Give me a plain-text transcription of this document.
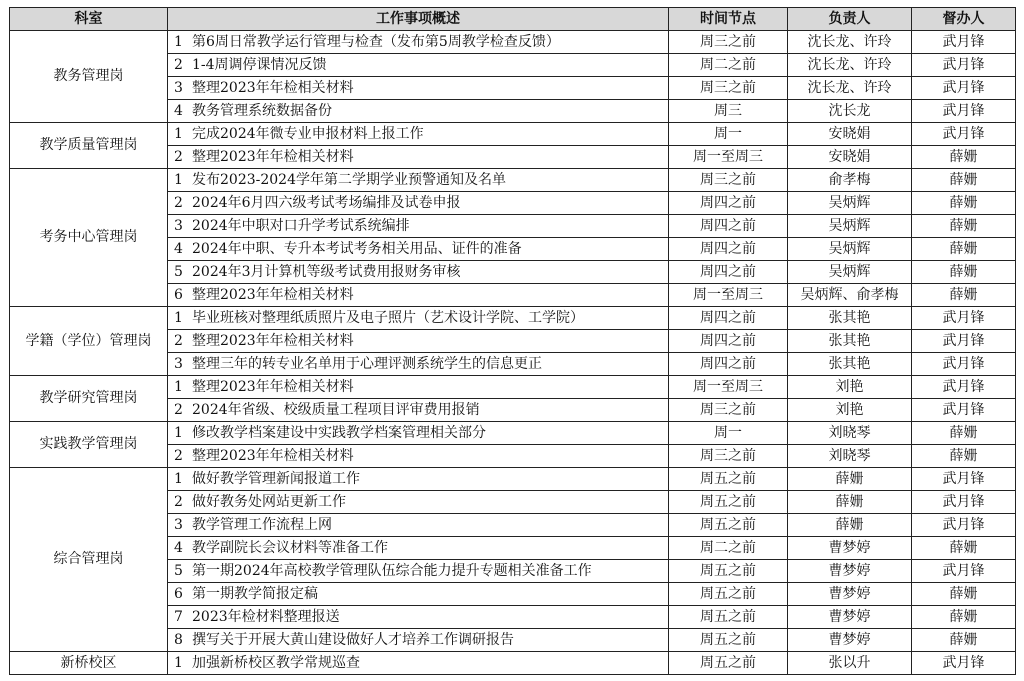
科室	工作事项概述	时间节点	负责人	督办人
教务管理岗	1 第6周日常教学运行管理与检查（发布第5周教学检查反馈）	周三之前	沈长龙、许玲	武月锋
	2 1-4周调停课情况反馈	周二之前	沈长龙、许玲	武月锋
	3 整理2023年年检相关材料	周三之前	沈长龙、许玲	武月锋
	4 教务管理系统数据备份	周三	沈长龙	武月锋
教学质量管理岗	1 完成2024年微专业申报材料上报工作	周一	安晓娟	武月锋
	2 整理2023年年检相关材料	周一至周三	安晓娟	薛姗
考务中心管理岗	1 发布2023-2024学年第二学期学业预警通知及名单	周三之前	俞孝梅	薛姗
	2 2024年6月四六级考试考场编排及试卷申报	周四之前	吴炳辉	薛姗
	3 2024年中职对口升学考试系统编排	周四之前	吴炳辉	薛姗
	4 2024年中职、专升本考试考务相关用品、证件的准备	周四之前	吴炳辉	薛姗
	5 2024年3月计算机等级考试费用报财务审核	周四之前	吴炳辉	薛姗
	6 整理2023年年检相关材料	周一至周三	吴炳辉、俞孝梅	薛姗
学籍（学位）管理岗	1 毕业班核对整理纸质照片及电子照片（艺术设计学院、工学院）	周四之前	张其艳	武月锋
	2 整理2023年年检相关材料	周四之前	张其艳	武月锋
	3 整理三年的转专业名单用于心理评测系统学生的信息更正	周四之前	张其艳	武月锋
教学研究管理岗	1 整理2023年年检相关材料	周一至周三	刘艳	武月锋
	2 2024年省级、校级质量工程项目评审费用报销	周三之前	刘艳	武月锋
实践教学管理岗	1 修改教学档案建设中实践教学档案管理相关部分	周一	刘晓琴	薛姗
	2 整理2023年年检相关材料	周三之前	刘晓琴	薛姗
综合管理岗	1 做好教学管理新闻报道工作	周五之前	薛姗	武月锋
	2 做好教务处网站更新工作	周五之前	薛姗	武月锋
	3 教学管理工作流程上网	周五之前	薛姗	武月锋
	4 教学副院长会议材料等准备工作	周二之前	曹梦婷	薛姗
	5 第一期2024年高校教学管理队伍综合能力提升专题相关准备工作	周五之前	曹梦婷	武月锋
	6 第一期教学简报定稿	周五之前	曹梦婷	薛姗
	7 2023年检材料整理报送	周五之前	曹梦婷	薛姗
	8 撰写关于开展大黄山建设做好人才培养工作调研报告	周五之前	曹梦婷	薛姗
新桥校区	1 加强新桥校区教学常规巡查	周五之前	张以升	武月锋
